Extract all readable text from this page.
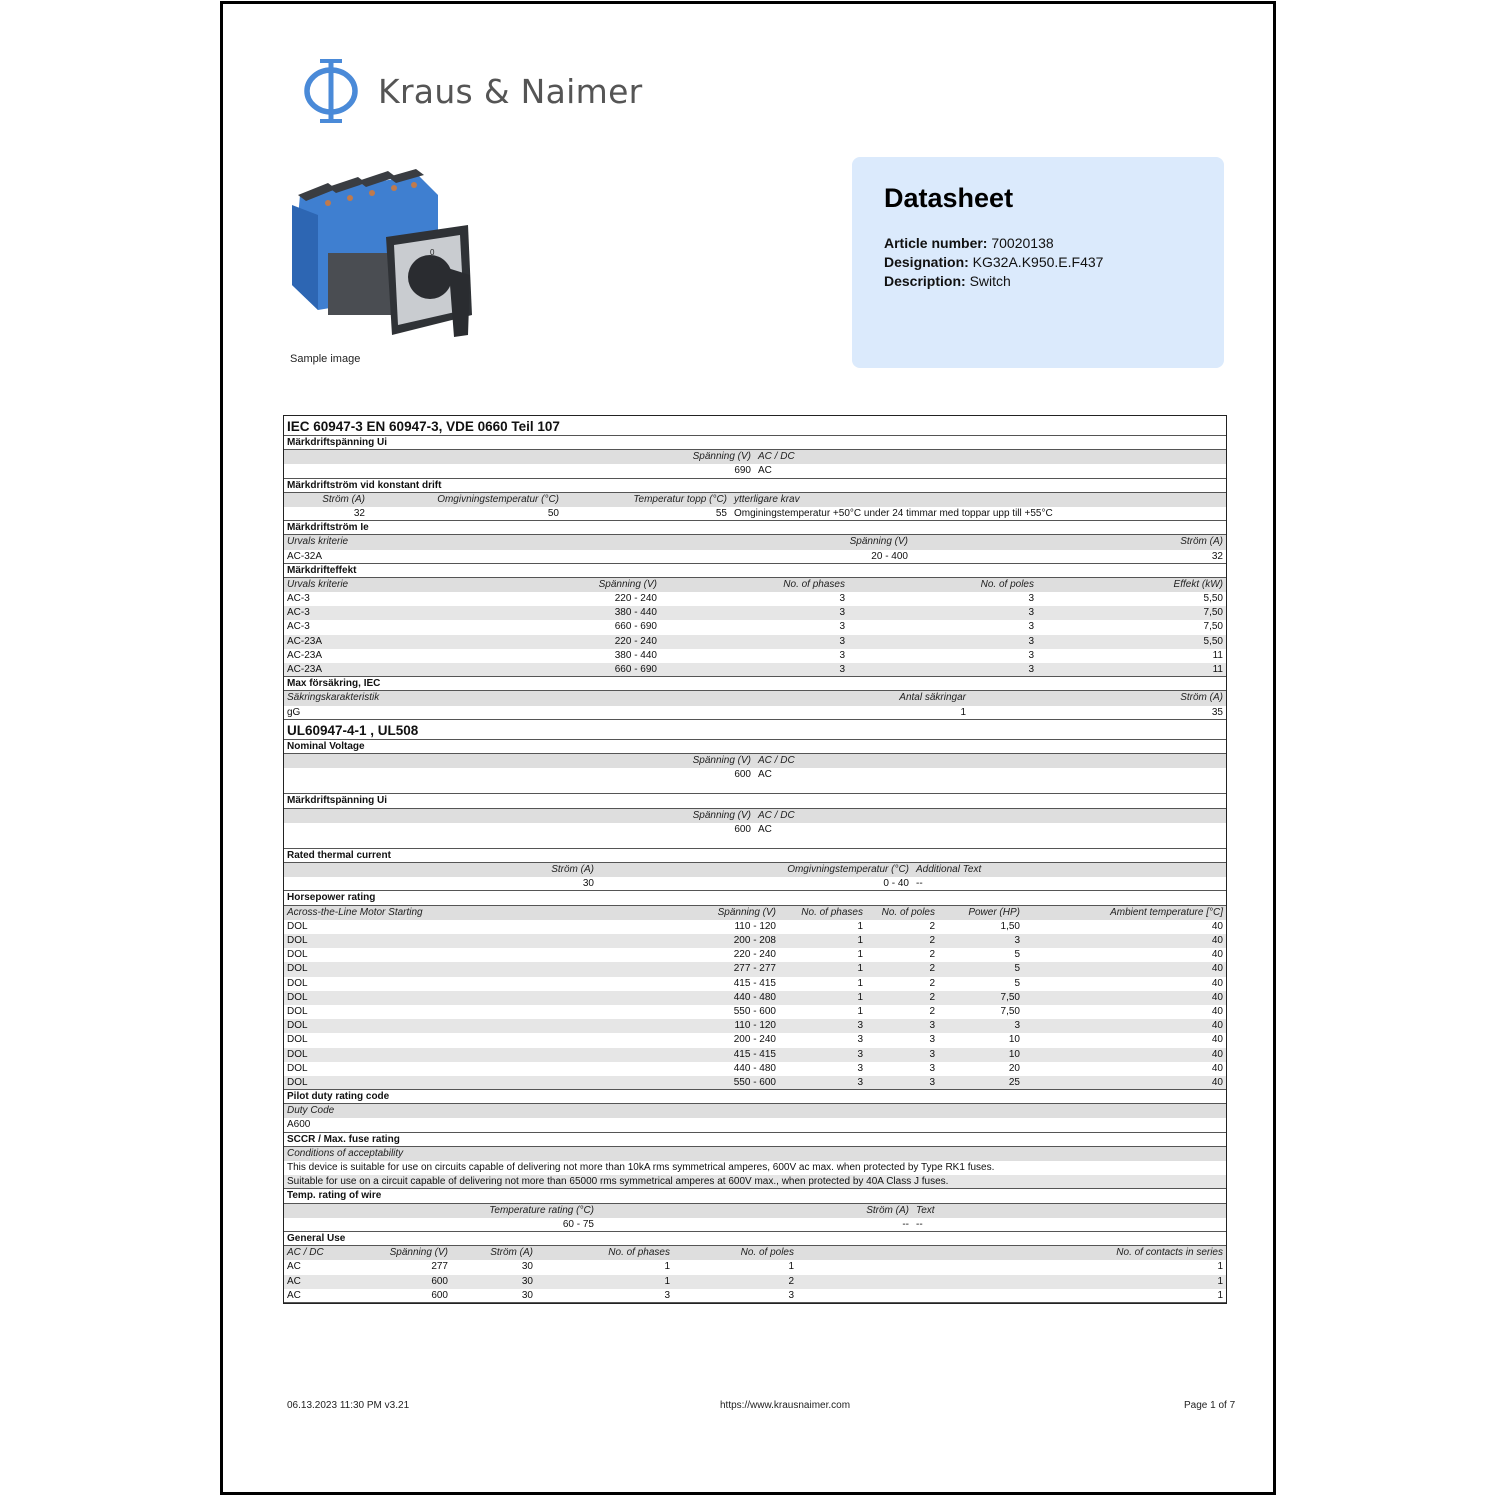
Kraus & Naimer
0
Sample image
Datasheet
Article number: 70020138
Designation: KG32A.K950.E.F437
Description: Switch
IEC 60947-3 EN 60947-3, VDE 0660 Teil 107
Märkdriftspänning Ui
Spänning (V) AC / DC
690 AC
Märkdriftström vid konstant drift
Ström (A)	Omgivningstemperatur (°C)	Temperatur topp (°C) ytterligare krav
32	50	55 Omginingstemperatur +50°C under 24 timmar med toppar upp till +55°C
Märkdriftström Ie
Urvals kriterie	Spänning (V)	Ström (A)
AC-32A	20 - 400	32
Märkdrifteffekt
Urvals kriterie	Spänning (V)	No. of phases	No. of poles	Effekt (kW)
AC-3	220 - 240	3	3	5,50
AC-3	380 - 440	3	3	7,50
AC-3	660 - 690	3	3	7,50
AC-23A	220 - 240	3	3	5,50
AC-23A	380 - 440	3	3	11
AC-23A	660 - 690	3	3	11
Max försäkring, IEC
Säkringskarakteristik	Antal säkringar	Ström (A)
gG	1	35
UL60947-4-1 , UL508
Nominal Voltage
Spänning (V) AC / DC
600 AC
Märkdriftspänning Ui
Spänning (V) AC / DC
600 AC
Rated thermal current
Ström (A)	Omgivningstemperatur (°C) Additional Text
30	0 - 40 --
Horsepower rating
Across-the-Line Motor Starting	Spänning (V)	No. of phases No. of poles	Power (HP)	Ambient temperature [°C]
DOL	110 - 120	1	2	1,50	40
DOL	200 - 208	1	2	3	40
DOL	220 - 240	1	2	5	40
DOL	277 - 277	1	2	5	40
DOL	415 - 415	1	2	5	40
DOL	440 - 480	1	2	7,50	40
DOL	550 - 600	1	2	7,50	40
DOL	110 - 120	3	3	3	40
DOL	200 - 240	3	3	10	40
DOL	415 - 415	3	3	10	40
DOL	440 - 480	3	3	20	40
DOL	550 - 600	3	3	25	40
Pilot duty rating code
Duty Code
A600
SCCR / Max. fuse rating
Conditions of acceptability
This device is suitable for use on circuits capable of delivering not more than 10kA rms symmetrical amperes, 600V ac max. when protected by Type RK1 fuses.
Suitable for use on a circuit capable of delivering not more than 65000 rms symmetrical amperes at 600V max., when protected by 40A Class J fuses.
Temp. rating of wire
Temperature rating (°C)	Ström (A) Text
60 - 75	-- --
General Use
AC / DC	Spänning (V)	Ström (A)	No. of phases	No. of poles	No. of contacts in series
AC	277	30	1	1	1
AC	600	30	1	2	1
AC	600	30	3	3	1
06.13.2023 11:30 PM v3.21	https://www.krausnaimer.com	Page 1 of 7
